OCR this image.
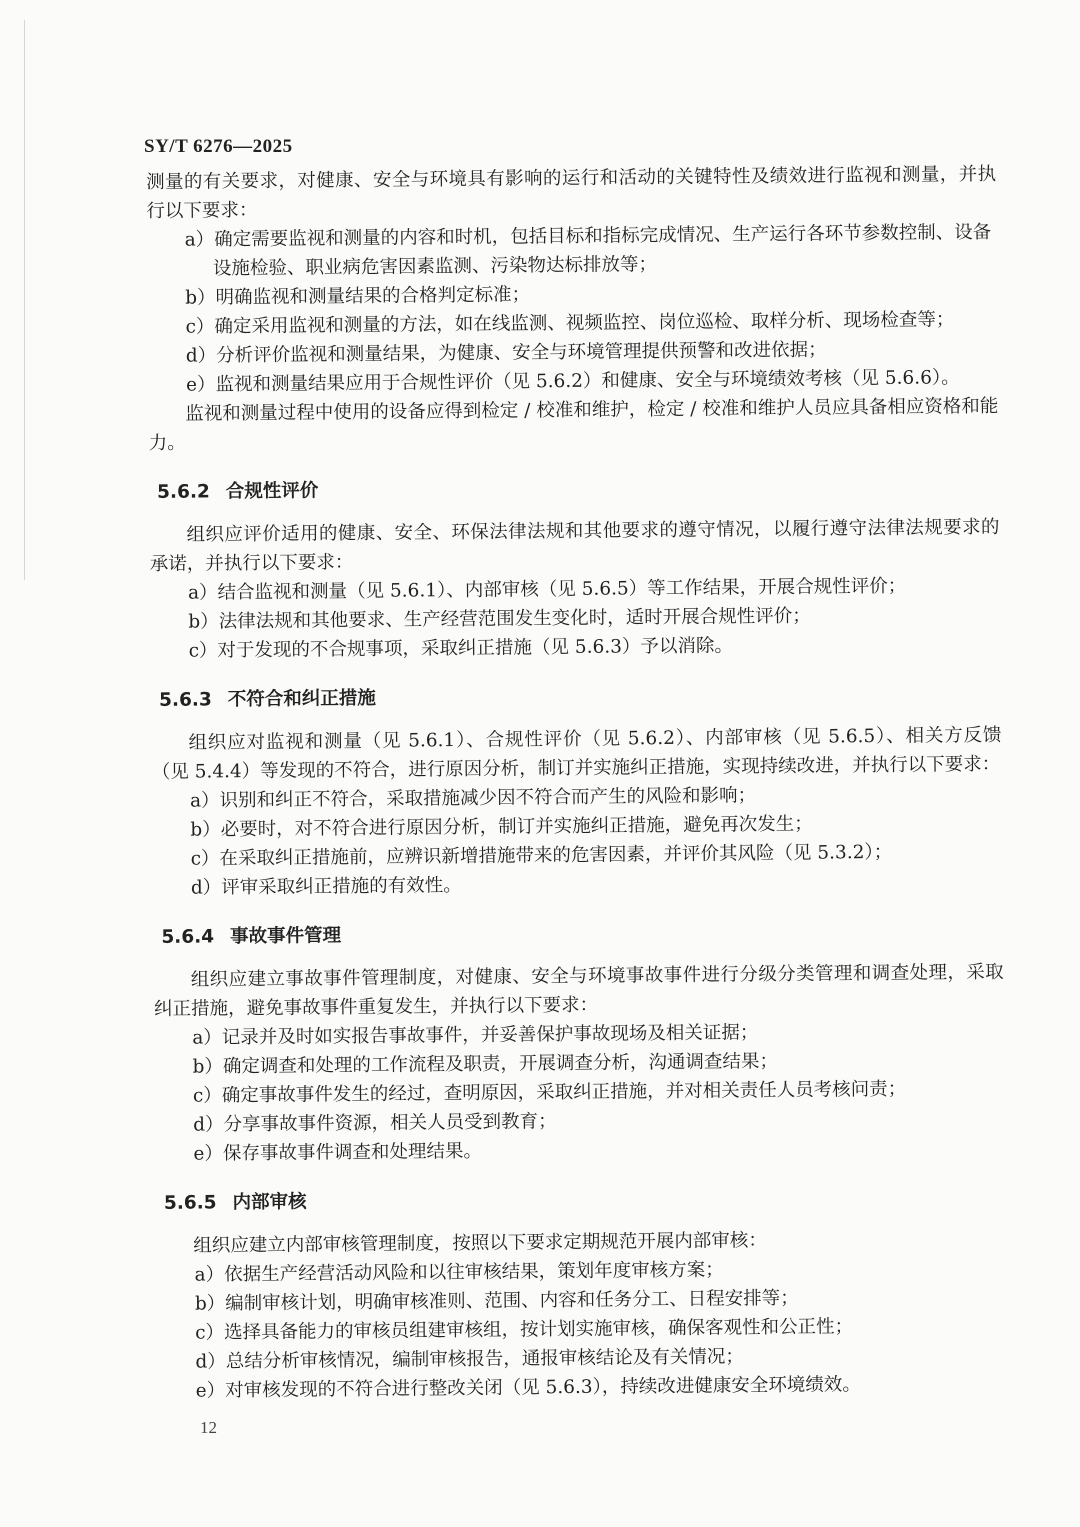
SY/T 6276—2025

测量的有关要求，对健康、安全与环境具有影响的运行和活动的关键特性及绩效进行监视和测量，并执行以下要求：

a）确定需要监视和测量的内容和时机，包括目标和指标完成情况、生产运行各环节参数控制、设备设施检验、职业病危害因素监测、污染物达标排放等；
b）明确监视和测量结果的合格判定标准；
c）确定采用监视和测量的方法，如在线监测、视频监控、岗位巡检、取样分析、现场检查等；
d）分析评价监视和测量结果，为健康、安全与环境管理提供预警和改进依据；
e）监视和测量结果应用于合规性评价（见 5.6.2）和健康、安全与环境绩效考核（见 5.6.6）。

监视和测量过程中使用的设备应得到检定 / 校准和维护，检定 / 校准和维护人员应具备相应资格和能力。

5.6.2 合规性评价

组织应评价适用的健康、安全、环保法律法规和其他要求的遵守情况，以履行遵守法律法规要求的承诺，并执行以下要求：

a）结合监视和测量（见 5.6.1）、内部审核（见 5.6.5）等工作结果，开展合规性评价；
b）法律法规和其他要求、生产经营范围发生变化时，适时开展合规性评价；
c）对于发现的不合规事项，采取纠正措施（见 5.6.3）予以消除。
5.6.3 不符合和纠正措施

组织应对监视和测量（见 5.6.1）、合规性评价（见 5.6.2）、内部审核（见 5.6.5）、相关方反馈（见 5.4.4）等发现的不符合，进行原因分析，制订并实施纠正措施，实现持续改进，并执行以下要求：

a）识别和纠正不符合，采取措施减少因不符合而产生的风险和影响；
b）必要时，对不符合进行原因分析，制订并实施纠正措施，避免再次发生；
c）在采取纠正措施前，应辨识新增措施带来的危害因素，并评价其风险（见 5.3.2）；
d）评审采取纠正措施的有效性。
5.6.4 事故事件管理

组织应建立事故事件管理制度，对健康、安全与环境事故事件进行分级分类管理和调查处理，采取纠正措施，避免事故事件重复发生，并执行以下要求：

a）记录并及时如实报告事故事件，并妥善保护事故现场及相关证据；
b）确定调查和处理的工作流程及职责，开展调查分析，沟通调查结果；
c）确定事故事件发生的经过，查明原因，采取纠正措施，并对相关责任人员考核问责；
d）分享事故事件资源，相关人员受到教育；
e）保存事故事件调查和处理结果。
5.6.5 内部审核

组织应建立内部审核管理制度，按照以下要求定期规范开展内部审核：

a）依据生产经营活动风险和以往审核结果，策划年度审核方案；
b）编制审核计划，明确审核准则、范围、内容和任务分工、日程安排等；
c）选择具备能力的审核员组建审核组，按计划实施审核，确保客观性和公正性；
d）总结分析审核情况，编制审核报告，通报审核结论及有关情况；
e）对审核发现的不符合进行整改关闭（见 5.6.3），持续改进健康安全环境绩效。
12
